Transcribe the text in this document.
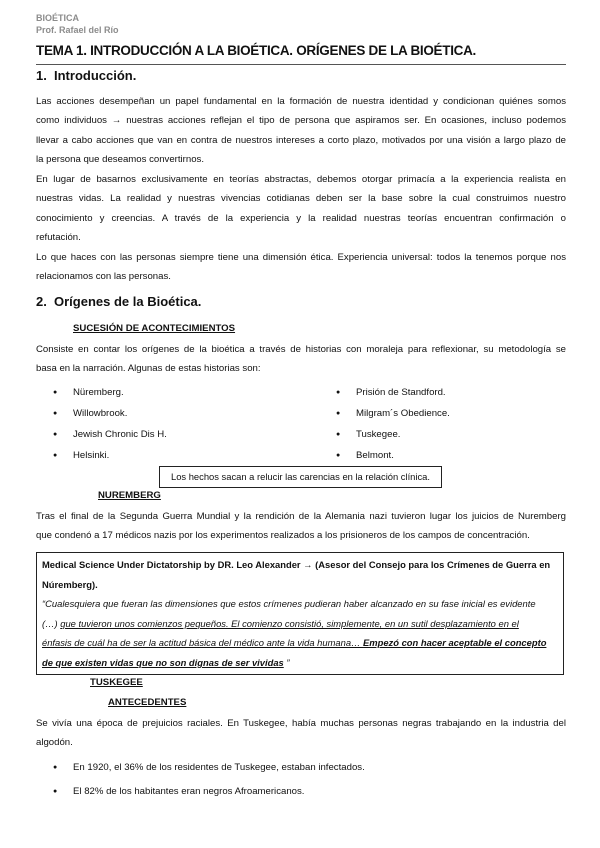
BIOÉTICA
Prof. Rafael del Río
TEMA 1. INTRODUCCIÓN A LA BIOÉTICA. ORÍGENES DE LA BIOÉTICA.
1. Introducción.
Las acciones desempeñan un papel fundamental en la formación de nuestra identidad y condicionan quiénes somos
como individuos → nuestras acciones reflejan el tipo de persona que aspiramos ser. En ocasiones, incluso podemos
llevar a cabo acciones que van en contra de nuestros intereses a corto plazo, motivados por una visión a largo plazo de
la persona que deseamos convertirnos.
En lugar de basarnos exclusivamente en teorías abstractas, debemos otorgar primacía a la experiencia realista en
nuestras vidas. La realidad y nuestras vivencias cotidianas deben ser la base sobre la cual construimos nuestro
conocimiento y creencias. A través de la experiencia y la realidad nuestras teorías encuentran confirmación o
refutación.
Lo que haces con las personas siempre tiene una dimensión ética. Experiencia universal: todos la tenemos porque nos
relacionamos con las personas.
2. Orígenes de la Bioética.
SUCESIÓN DE ACONTECIMIENTOS
Consiste en contar los orígenes de la bioética a través de historias con moraleja para reflexionar, su metodología se
basa en la narración. Algunas de estas historias son:
● Nüremberg.
● Willowbrook.
● Jewish Chronic Dis H.
● Helsinki.
● Prisión de Standford.
● Milgram´s Obedience.
● Tuskegee.
● Belmont.
Los hechos sacan a relucir las carencias en la relación clínica.
NUREMBERG
Tras el final de la Segunda Guerra Mundial y la rendición de la Alemania nazi tuvieron lugar los juicios de Nuremberg
que condenó a 17 médicos nazis por los experimentos realizados a los prisioneros de los campos de concentración.
Medical Science Under Dictatorship by DR. Leo Alexander → (Asesor del Consejo para los Crímenes de Guerra en
Núremberg).
“Cualesquiera que fueran las dimensiones que estos crímenes pudieran haber alcanzado en su fase inicial es evidente
(…) que tuvieron unos comienzos pequeños. El comienzo consistió, simplemente, en un sutil desplazamiento en el
énfasis de cuál ha de ser la actitud básica del médico ante la vida humana… Empezó con hacer aceptable el concepto
de que existen vidas que no son dignas de ser vividas ”
TUSKEGEE
ANTECEDENTES
Se vivía una época de prejuicios raciales. En Tuskegee, había muchas personas negras trabajando en la industria del
algodón.
● En 1920, el 36% de los residentes de Tuskegee, estaban infectados.
● El 82% de los habitantes eran negros Afroamericanos.
